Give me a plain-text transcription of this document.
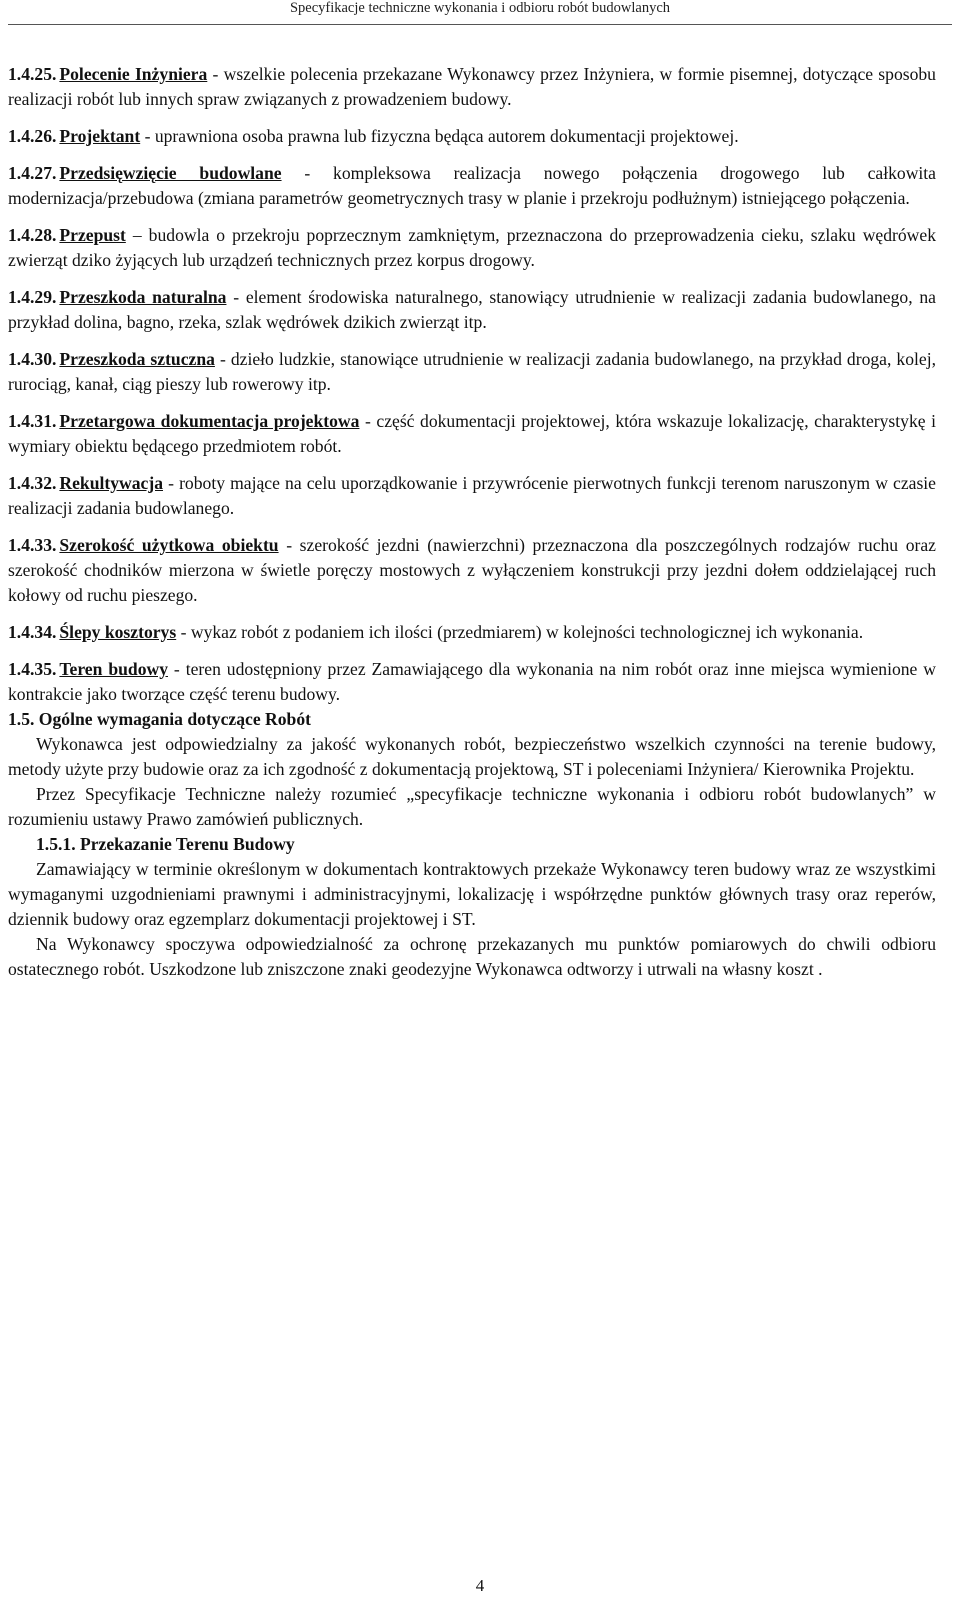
Specyfikacje techniczne wykonania i odbioru robót budowlanych

1.4.25. Polecenie Inżyniera - wszelkie polecenia przekazane Wykonawcy przez Inżyniera, w formie pisemnej, dotyczące sposobu realizacji robót lub innych spraw związanych z prowadzeniem budowy.

1.4.26. Projektant - uprawniona osoba prawna lub fizyczna będąca autorem dokumentacji projektowej.

1.4.27. Przedsięwzięcie budowlane - kompleksowa realizacja nowego połączenia drogowego lub całkowita modernizacja/przebudowa (zmiana parametrów geometrycznych trasy w planie i przekroju podłużnym) istniejącego połączenia.

1.4.28. Przepust – budowla o przekroju poprzecznym zamkniętym, przeznaczona do przeprowadzenia cieku, szlaku wędrówek zwierząt dziko żyjących lub urządzeń technicznych przez korpus drogowy.

1.4.29. Przeszkoda naturalna - element środowiska naturalnego, stanowiący utrudnienie w realizacji zadania budowlanego, na przykład dolina, bagno, rzeka, szlak wędrówek dzikich zwierząt itp.

1.4.30. Przeszkoda sztuczna - dzieło ludzkie, stanowiące utrudnienie w realizacji zadania budowlanego, na przykład droga, kolej, rurociąg, kanał, ciąg pieszy lub rowerowy itp.

1.4.31. Przetargowa dokumentacja projektowa - część dokumentacji projektowej, która wskazuje lokalizację, charakterystykę i wymiary obiektu będącego przedmiotem robót.

1.4.32. Rekultywacja - roboty mające na celu uporządkowanie i przywrócenie pierwotnych funkcji terenom naruszonym w czasie realizacji zadania budowlanego.

1.4.33. Szerokość użytkowa obiektu - szerokość jezdni (nawierzchni) przeznaczona dla poszczególnych rodzajów ruchu oraz szerokość chodników mierzona w świetle poręczy mostowych z wyłączeniem konstrukcji przy jezdni dołem oddzielającej ruch kołowy od ruchu pieszego.

1.4.34. Ślepy kosztorys - wykaz robót z podaniem ich ilości (przedmiarem) w kolejności technologicznej ich wykonania.

1.4.35. Teren budowy - teren udostępniony przez Zamawiającego dla wykonania na nim robót oraz inne miejsca wymienione w kontrakcie jako tworzące część terenu budowy.

1.5. Ogólne wymagania dotyczące Robót

Wykonawca jest odpowiedzialny za jakość wykonanych robót, bezpieczeństwo wszelkich czynności na terenie budowy, metody użyte przy budowie oraz za ich zgodność z dokumentacją projektową, ST i poleceniami Inżyniera/ Kierownika Projektu.

Przez Specyfikacje Techniczne należy rozumieć „specyfikacje techniczne wykonania i odbioru robót budowlanych” w rozumieniu ustawy Prawo zamówień publicznych.

1.5.1. Przekazanie Terenu Budowy

Zamawiający w terminie określonym w dokumentach kontraktowych przekaże Wykonawcy teren budowy wraz ze wszystkimi wymaganymi uzgodnieniami prawnymi i administracyjnymi, lokalizację i współrzędne punktów głównych trasy oraz reperów, dziennik budowy oraz egzemplarz dokumentacji projektowej i ST.

Na Wykonawcy spoczywa odpowiedzialność za ochronę przekazanych mu punktów pomiarowych do chwili odbioru ostatecznego robót. Uszkodzone lub zniszczone znaki geodezyjne Wykonawca odtworzy i utrwali na własny koszt .

4
